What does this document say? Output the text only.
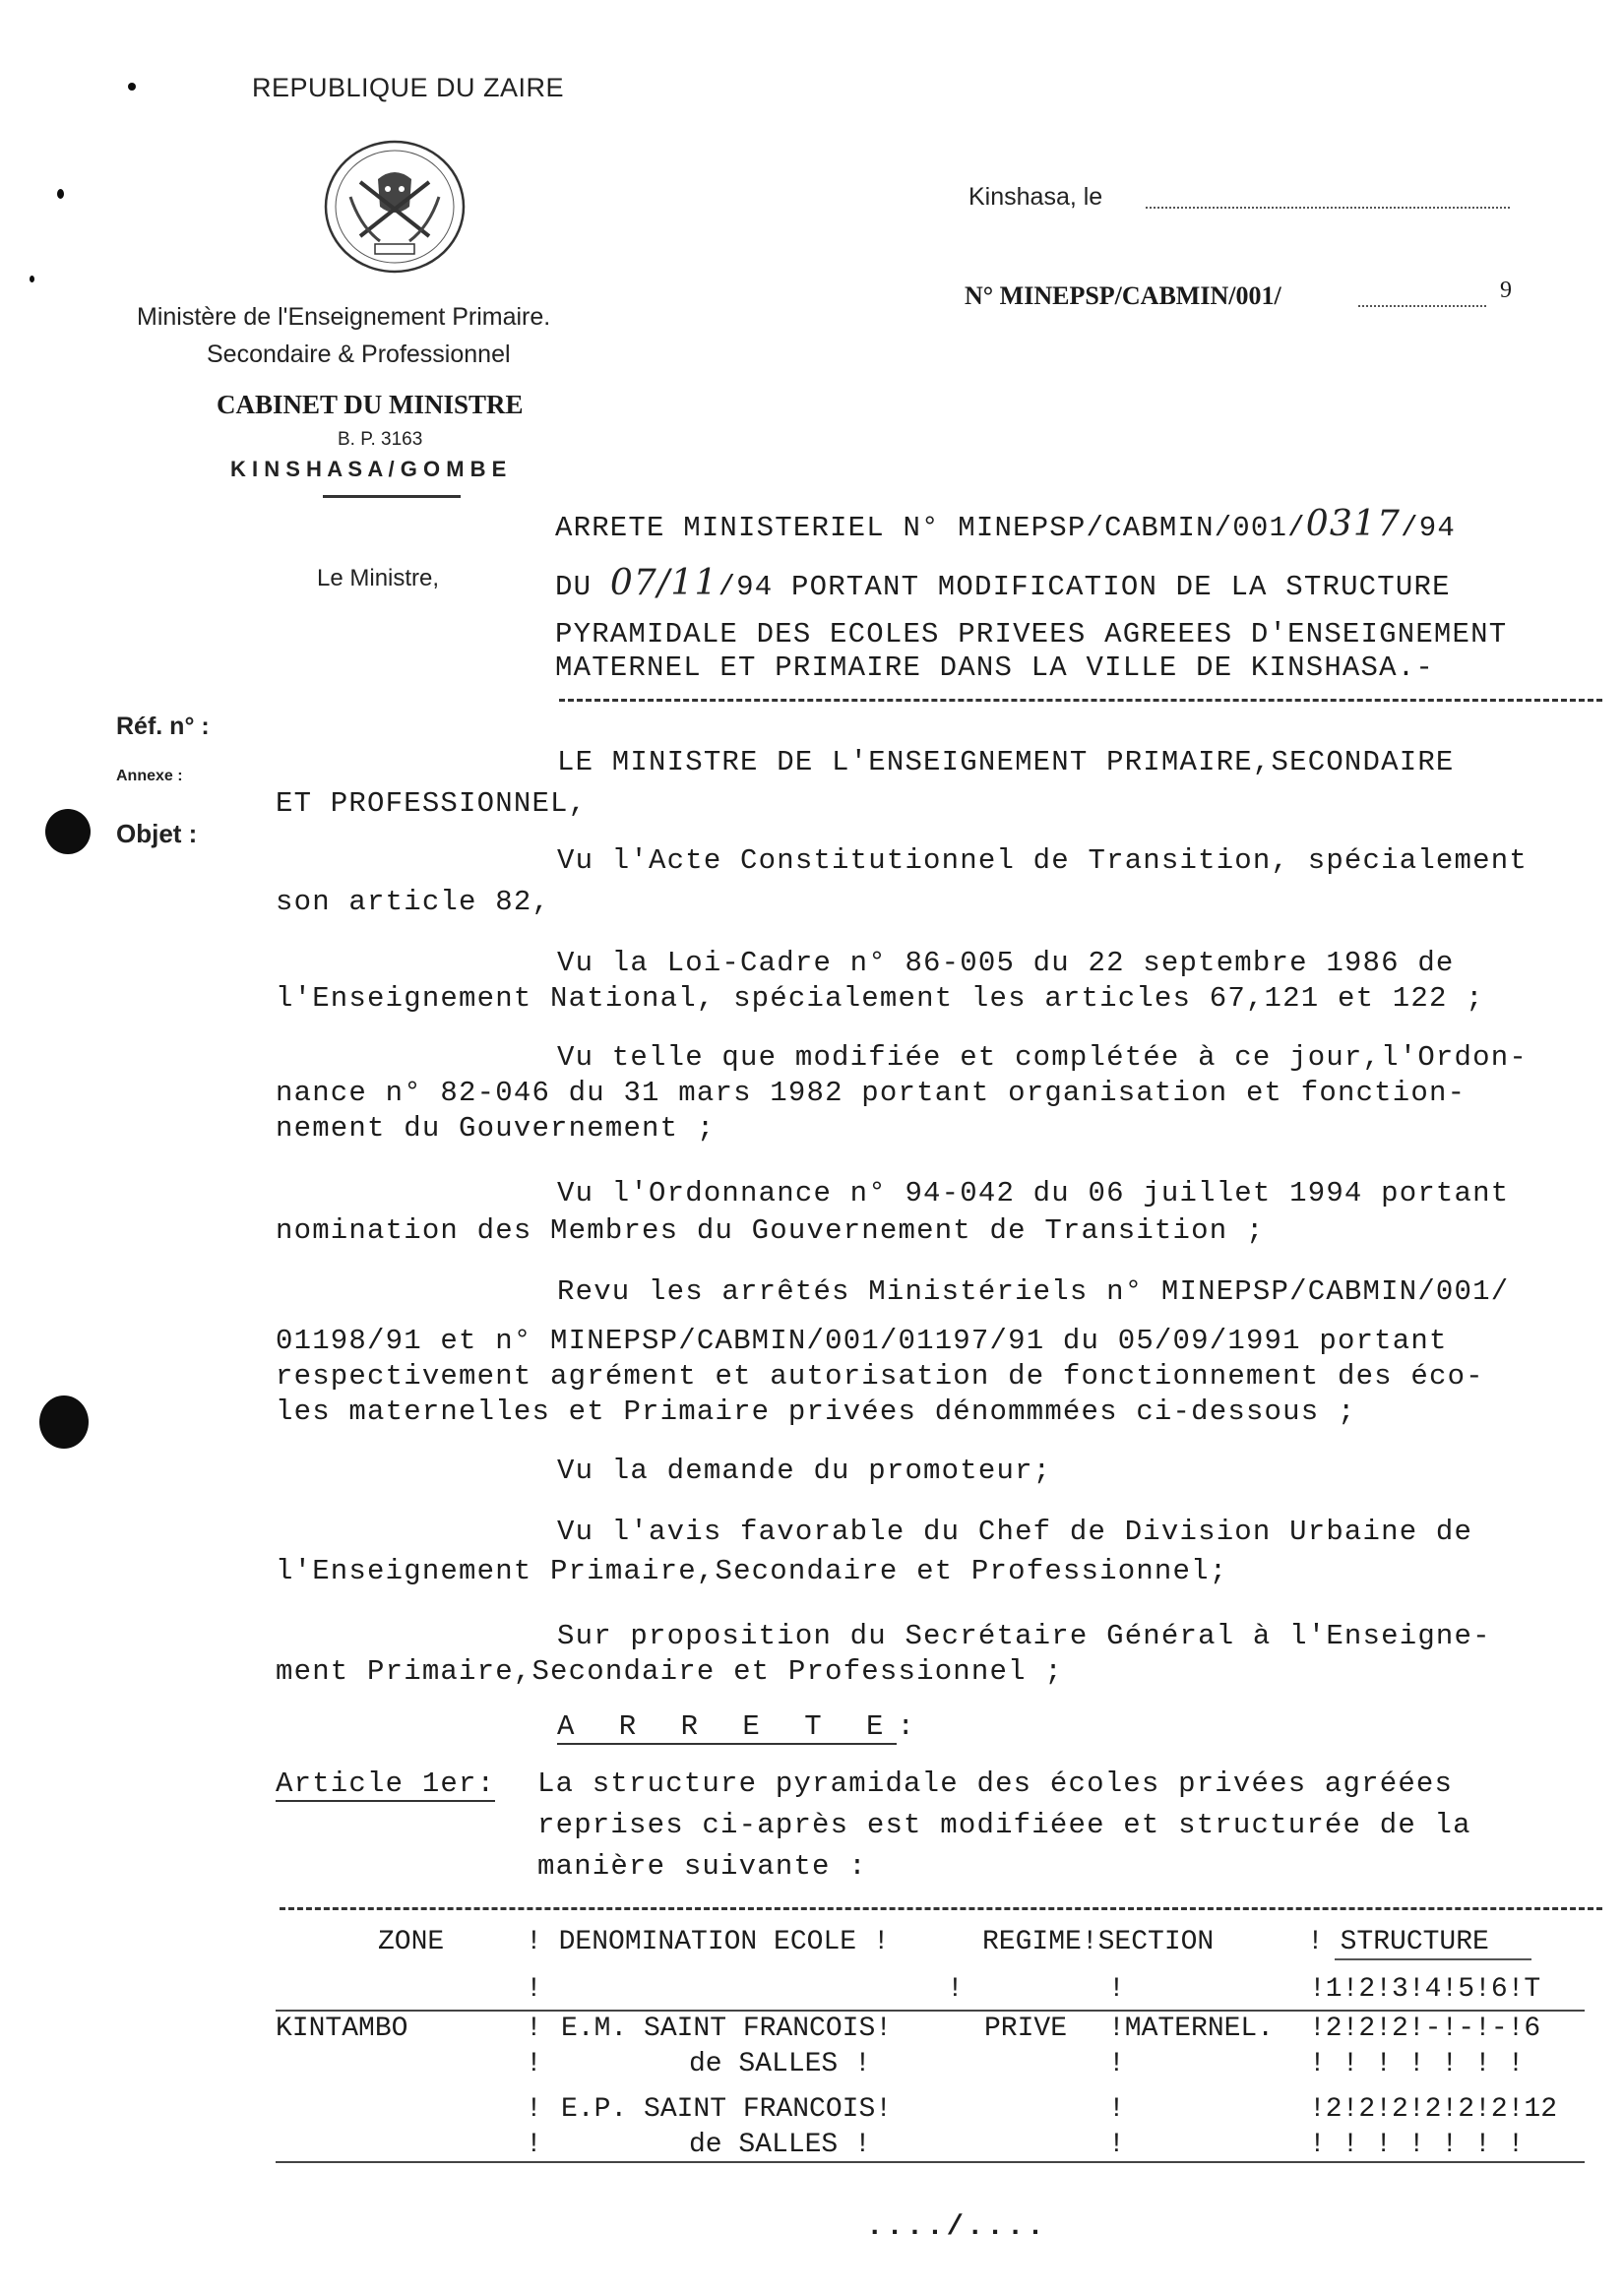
REPUBLIQUE DU ZAIRE
Kinshasa, le
N° MINEPSP/CABMIN/001/	9
Ministère de l'Enseignement Primaire.
Secondaire & Professionnel
CABINET DU MINISTRE
B. P. 3163
K I N S H A S A / G O M B E
Le Ministre,
Réf. n° :
Annexe :
Objet :
ARRETE MINISTERIEL N° MINEPSP/CABMIN/001/0317/94
DU 07/11/94 PORTANT MODIFICATION DE LA STRUCTURE
PYRAMIDALE DES ECOLES PRIVEES AGREEES D'ENSEIGNEMENT
MATERNEL ET PRIMAIRE DANS LA VILLE DE KINSHASA.-
LE MINISTRE DE L'ENSEIGNEMENT PRIMAIRE,SECONDAIRE
ET PROFESSIONNEL,
Vu l'Acte Constitutionnel de Transition, spécialement
son article 82,
Vu la Loi-Cadre n° 86-005 du 22 septembre 1986 de
l'Enseignement National, spécialement les articles 67,121 et 122 ;
Vu telle que modifiée et complétée à ce jour,l'Ordon-
nance n° 82-046 du 31 mars 1982 portant organisation et fonction-
nement du Gouvernement ;
Vu l'Ordonnance n° 94-042 du 06 juillet 1994 portant
nomination des Membres du Gouvernement de Transition ;
Revu les arrêtés Ministériels n° MINEPSP/CABMIN/001/
01198/91 et n° MINEPSP/CABMIN/001/01197/91 du 05/09/1991 portant
respectivement agrément et autorisation de fonctionnement des éco-
les maternelles et Primaire privées dénommmées ci-dessous ;
Vu la demande du promoteur;
Vu l'avis favorable du Chef de Division Urbaine de
l'Enseignement Primaire,Secondaire et Professionnel;
Sur proposition du Secrétaire Général à l'Enseigne-
ment Primaire,Secondaire et Professionnel ;
A R R E T E:
Article 1er: La structure pyramidale des écoles privées agréées
reprises ci-après est modifiéee et structurée de la
manière suivante :
ZONE	! DENOMINATION ECOLE !	REGIME!SECTION	! STRUCTURE
!	!	!	!1!2!3!4!5!6!T
KINTAMBO	! E.M. SAINT FRANCOIS!	PRIVE !MATERNEL. !2!2!2!-!-!-!6
!	de SALLES !	!	! ! ! ! ! ! !
! E.P. SAINT FRANCOIS!	!	!2!2!2!2!2!2!12
!	de SALLES !	!	! ! ! ! ! ! !
..../....
